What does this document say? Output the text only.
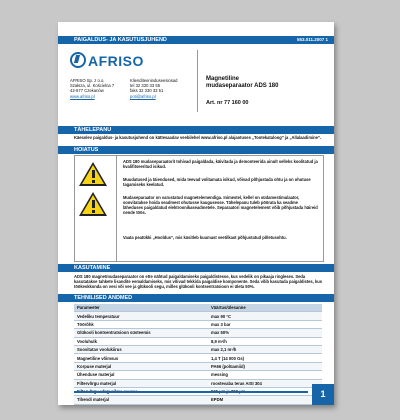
PAIGALDUS- JA KASUTUSJUHEND	553.011.2007 1
AFRISO
AFRISO Sp. z o.o.
Szałsza, ul. Kościelna 7
42-677 Czekanów
www.afriso.pl
Klienditeeninduseesiosad
tel 32 330 33 55
faks 32 330 33 51
poti@afriso.pl
Magnetiline
mudaseparaator ADS 180
Art. nr 77 160 00
TÄHELEPANU
Käesolev paigaldus- ja kasutusjuhend on kättesaadav veebilehel www.afriso.pl alajaotuses „Tootekataloog” ja „Allalaadimine”.
HOIATUS
ADS 180 mudaseparaatorit tohivad paigaldada, käivitada ja demonteerida ainult selleks koolitatud ja kvalifitseeritud isikud.
Muudatused ja täiendused, mida teevad volitamata isikud, võivad põhjustada ohtu ja on ohutuse tagamiseks keelatud.
Mudaseparaator on varustatud magnetelemendiga. Inimestel, kellel on südamestimulaator, soovitatakse hoida seadmest ohutusse kaugusesse. Tähelepanu tuleb pöörata ka seadme läheduses paigaldatud elektroonikaseadmetele. Separaatori magnetelement võib põhjustada häireid nende töös.
Vaata peatükki „Hooldus”, mis käsitleb kuumast veetilkast põhjustatud põletusohtu.
KASUTAMINE
ADS 180 magnetmudaseparaator on ette nähtud paigaldamiseks paigaldistesse, kus vedelik on pikaaja ringleses. Seda kasutatakse tahkete lisandite eemaldamiseks, mis võivad tekkida paigaldise komponente. Seda võib kasutada paigaldistes, kus töökeskkonda on vesi või vee ja glükooli segu, milles glükooli kontsentratsioon ei ületa 50%.
TEHNILISED ANDMED
Parameeter	Väärtus/ülesanne
Vedeliku temperatuur	max 90 °C
Töörõhk	max 3 bar
Glükooli kontsentratsioon süsteemis	max 50%
Vooluhulk	8,9 m³/h
Soovitatav voolukiirus	max 2,1 m³/h
Magnetiline võimsus	1,4 T (14 000 Gs)
Korpuse materjal	PA66 (polüamiid)
Ühenduse materjal	messing
Filtervõrgu materjal	roostevaba teras AISI 304

Tihendi materjal	EPDM
1
